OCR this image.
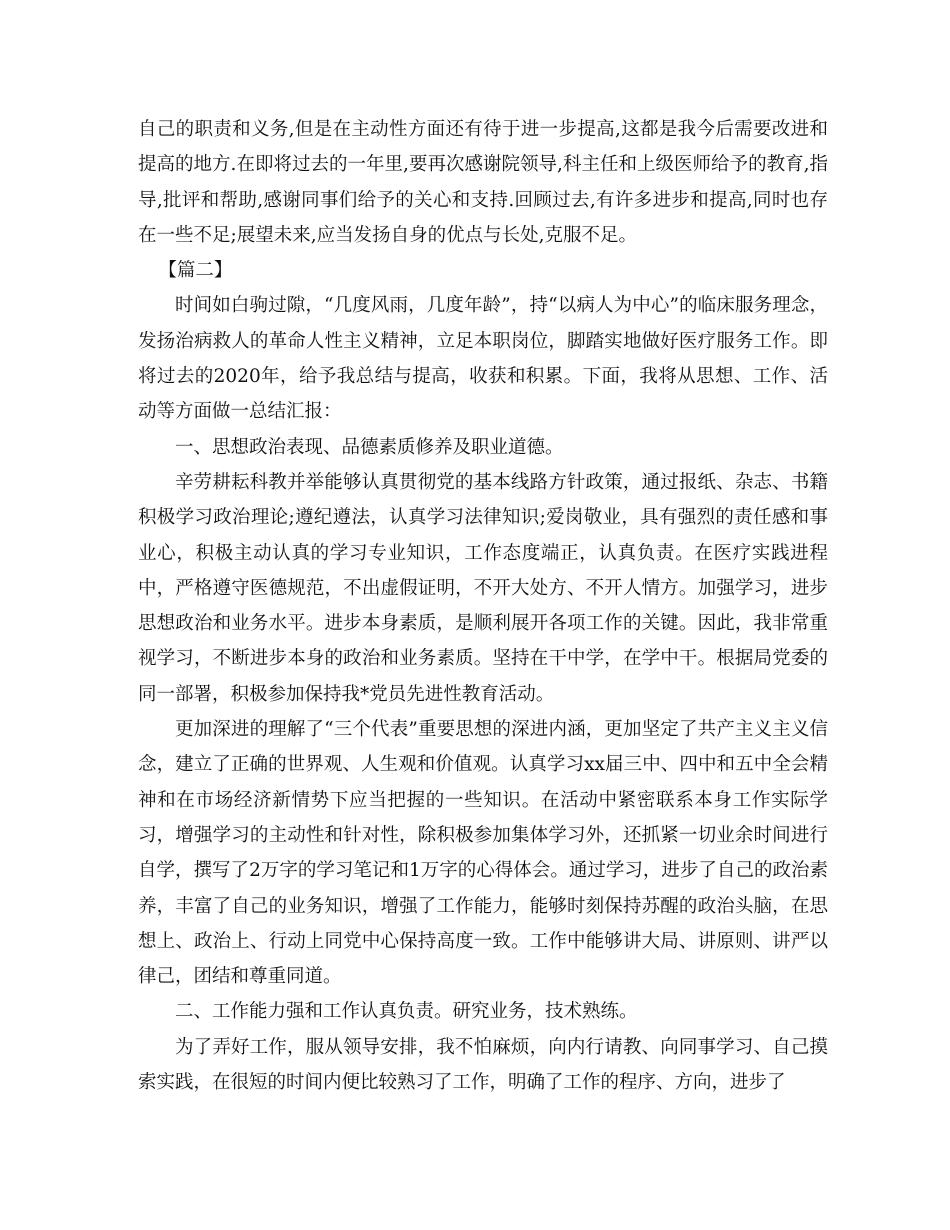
自己的职责和义务,但是在主动性方面还有待于进一步提高,这都是我今后需要改进和提高的地方.在即将过去的一年里,要再次感谢院领导,科主任和上级医师给予的教育,指导,批评和帮助,感谢同事们给予的关心和支持.回顾过去,有许多进步和提高,同时也存在一些不足;展望未来,应当发扬自身的优点与长处,克服不足。

【篇二】

时间如白驹过隙，“几度风雨，几度年龄”，持“以病人为中心”的临床服务理念，发扬治病救人的革命人性主义精神，立足本职岗位，脚踏实地做好医疗服务工作。即将过去的2020年，给予我总结与提高，收获和积累。下面，我将从思想、工作、活动等方面做一总结汇报：

一、思想政治表现、品德素质修养及职业道德。

辛劳耕耘科教并举能够认真贯彻党的基本线路方针政策，通过报纸、杂志、书籍积极学习政治理论;遵纪遵法，认真学习法律知识;爱岗敬业，具有强烈的责任感和事业心，积极主动认真的学习专业知识，工作态度端正，认真负责。在医疗实践进程中，严格遵守医德规范，不出虚假证明，不开大处方、不开人情方。加强学习，进步思想政治和业务水平。进步本身素质，是顺利展开各项工作的关键。因此，我非常重视学习，不断进步本身的政治和业务素质。坚持在干中学，在学中干。根据局党委的同一部署，积极参加保持我*党员先进性教育活动。

更加深进的理解了“三个代表”重要思想的深进内涵，更加坚定了共产主义主义信念，建立了正确的世界观、人生观和价值观。认真学习xx届三中、四中和五中全会精神和在市场经济新情势下应当把握的一些知识。在活动中紧密联系本身工作实际学习，增强学习的主动性和针对性，除积极参加集体学习外，还抓紧一切业余时间进行自学，撰写了2万字的学习笔记和1万字的心得体会。通过学习，进步了自己的政治素养，丰富了自己的业务知识，增强了工作能力，能够时刻保持苏醒的政治头脑，在思想上、政治上、行动上同党中心保持高度一致。工作中能够讲大局、讲原则、讲严以律己，团结和尊重同道。

二、工作能力强和工作认真负责。研究业务，技术熟练。

为了弄好工作，服从领导安排，我不怕麻烦，向内行请教、向同事学习、自己摸索实践，在很短的时间内便比较熟习了工作，明确了工作的程序、方向，进步了
